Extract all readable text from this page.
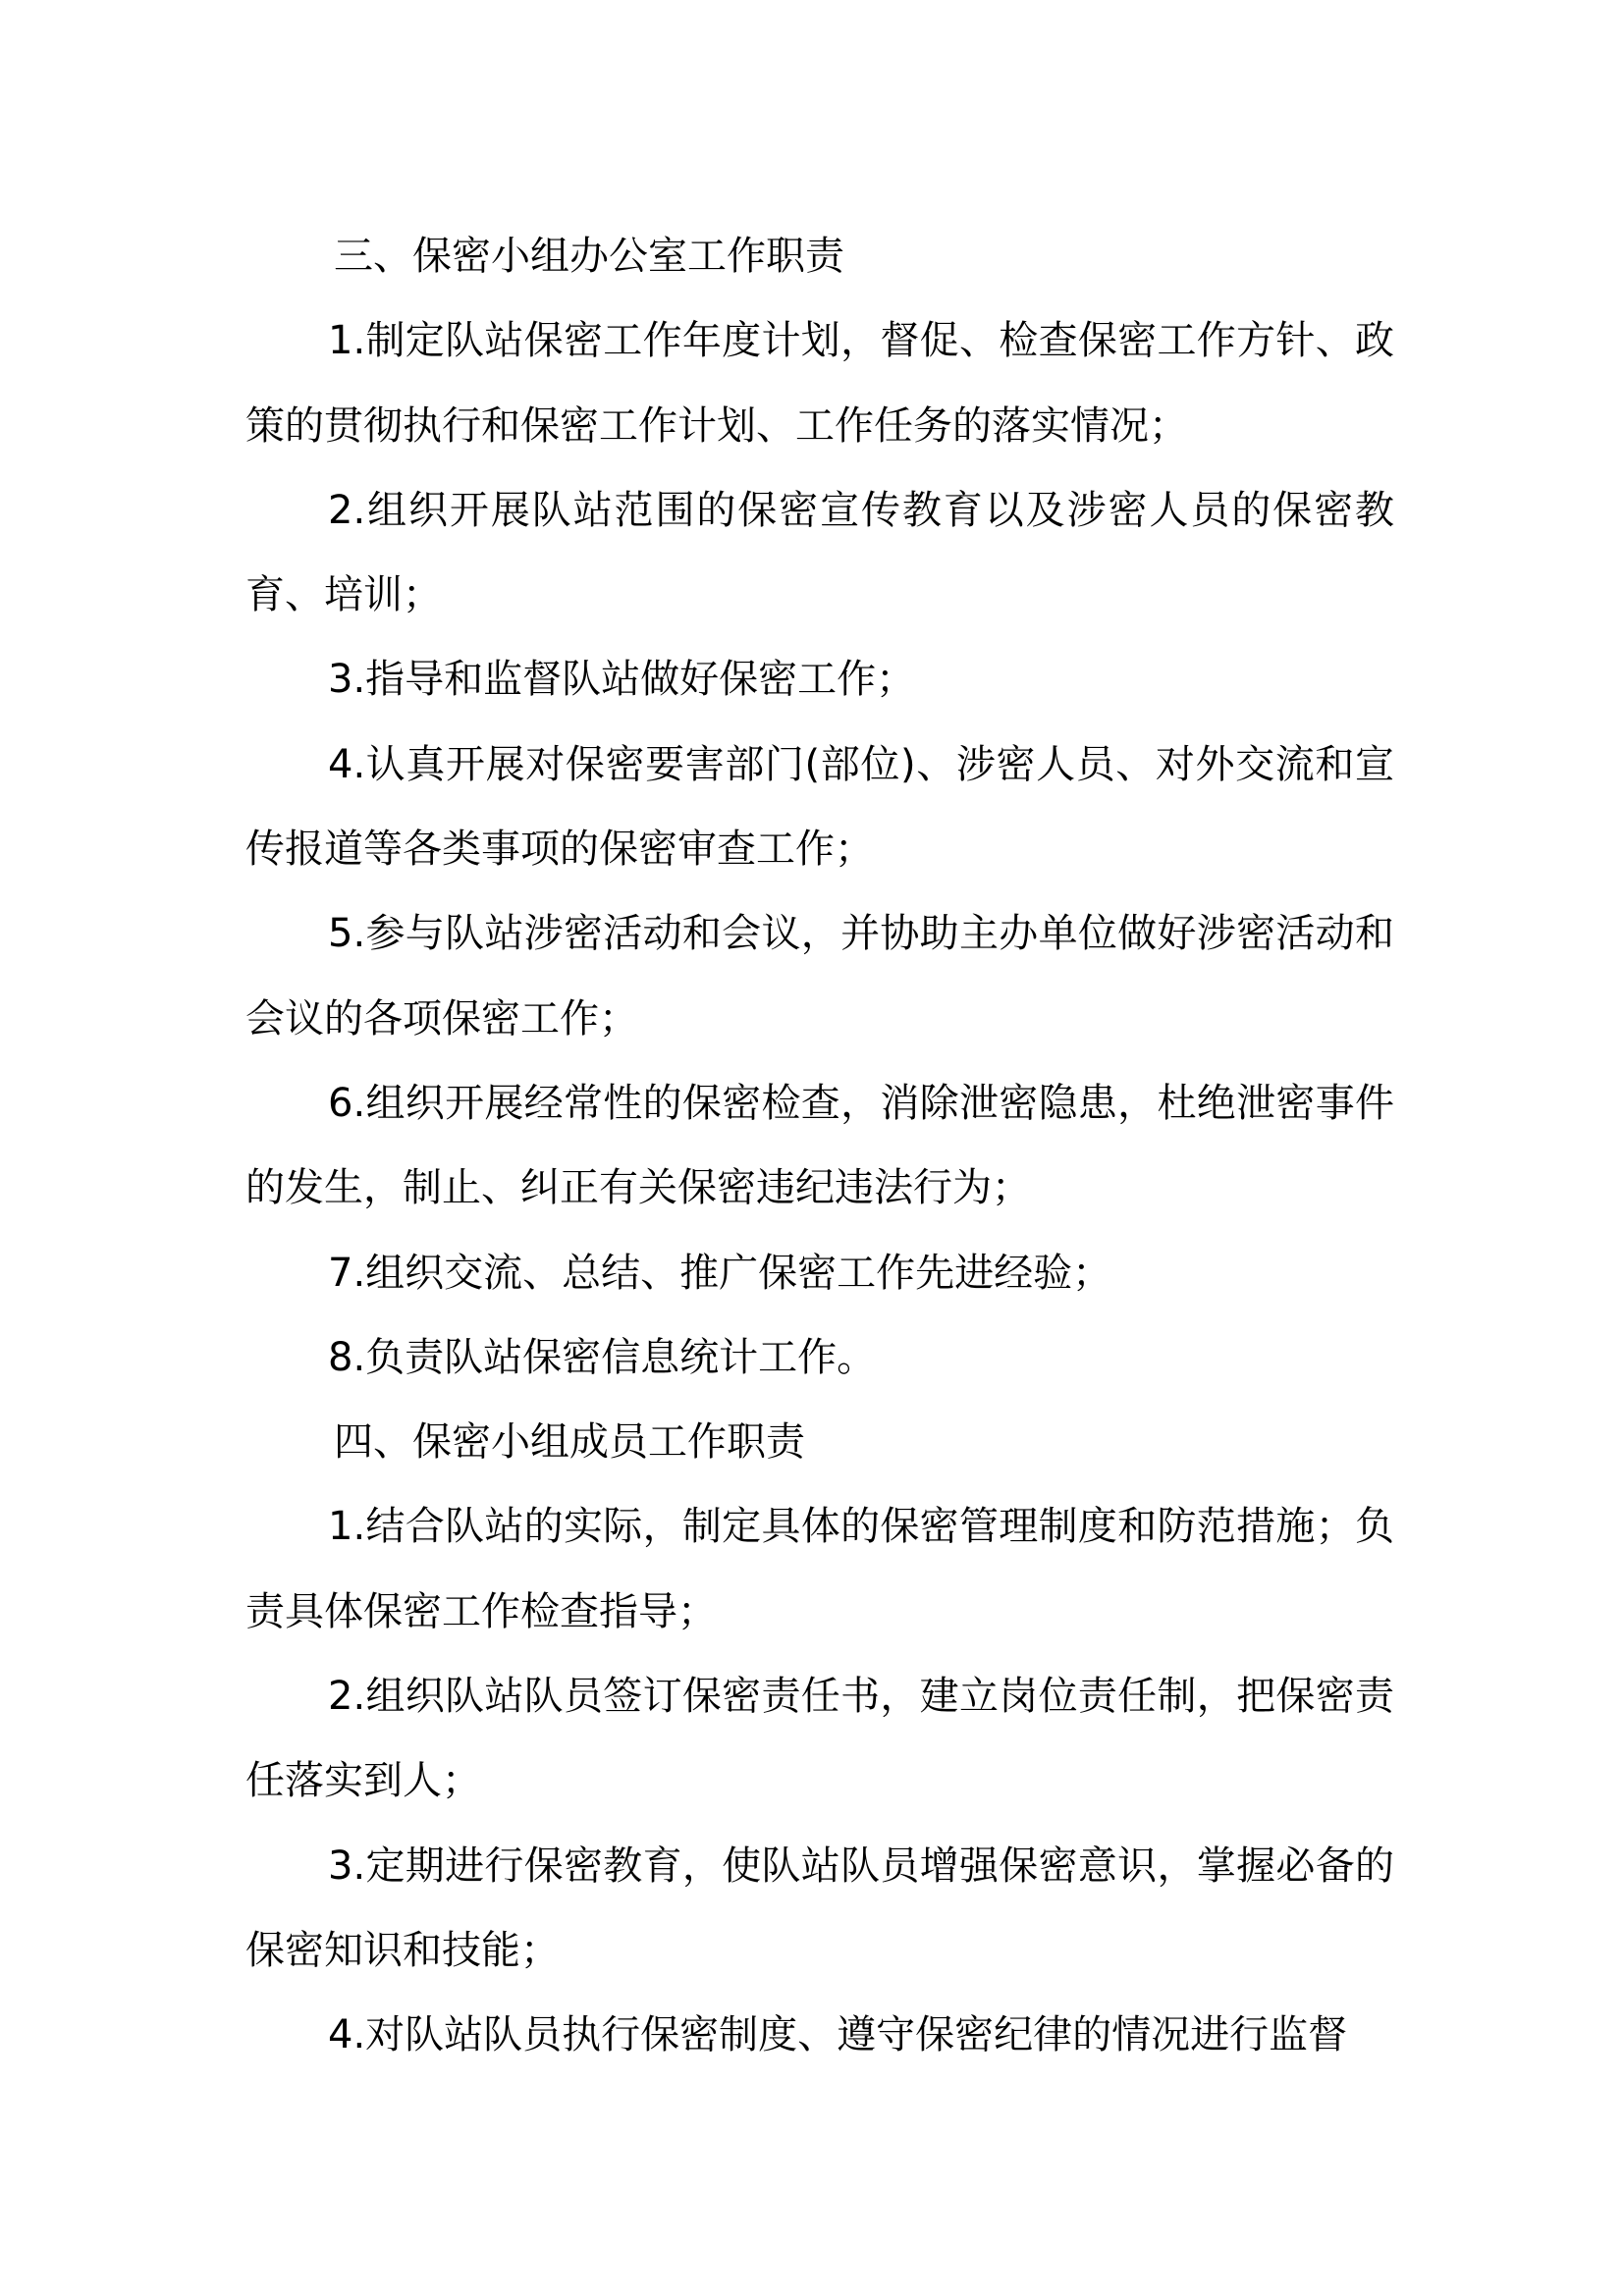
三、保密小组办公室工作职责

1.制定队站保密工作年度计划，督促、检查保密工作方针、政策的贯彻执行和保密工作计划、工作任务的落实情况；

2.组织开展队站范围的保密宣传教育以及涉密人员的保密教育、培训；

3.指导和监督队站做好保密工作；

4.认真开展对保密要害部门(部位)、涉密人员、对外交流和宣传报道等各类事项的保密审查工作；

5.参与队站涉密活动和会议，并协助主办单位做好涉密活动和会议的各项保密工作；

6.组织开展经常性的保密检查，消除泄密隐患，杜绝泄密事件的发生，制止、纠正有关保密违纪违法行为；

7.组织交流、总结、推广保密工作先进经验；

8.负责队站保密信息统计工作。

四、保密小组成员工作职责

1.结合队站的实际，制定具体的保密管理制度和防范措施；负责具体保密工作检查指导；

2.组织队站队员签订保密责任书，建立岗位责任制，把保密责任落实到人；

3.定期进行保密教育，使队站队员增强保密意识，掌握必备的保密知识和技能；

4.对队站队员执行保密制度、遵守保密纪律的情况进行监督
